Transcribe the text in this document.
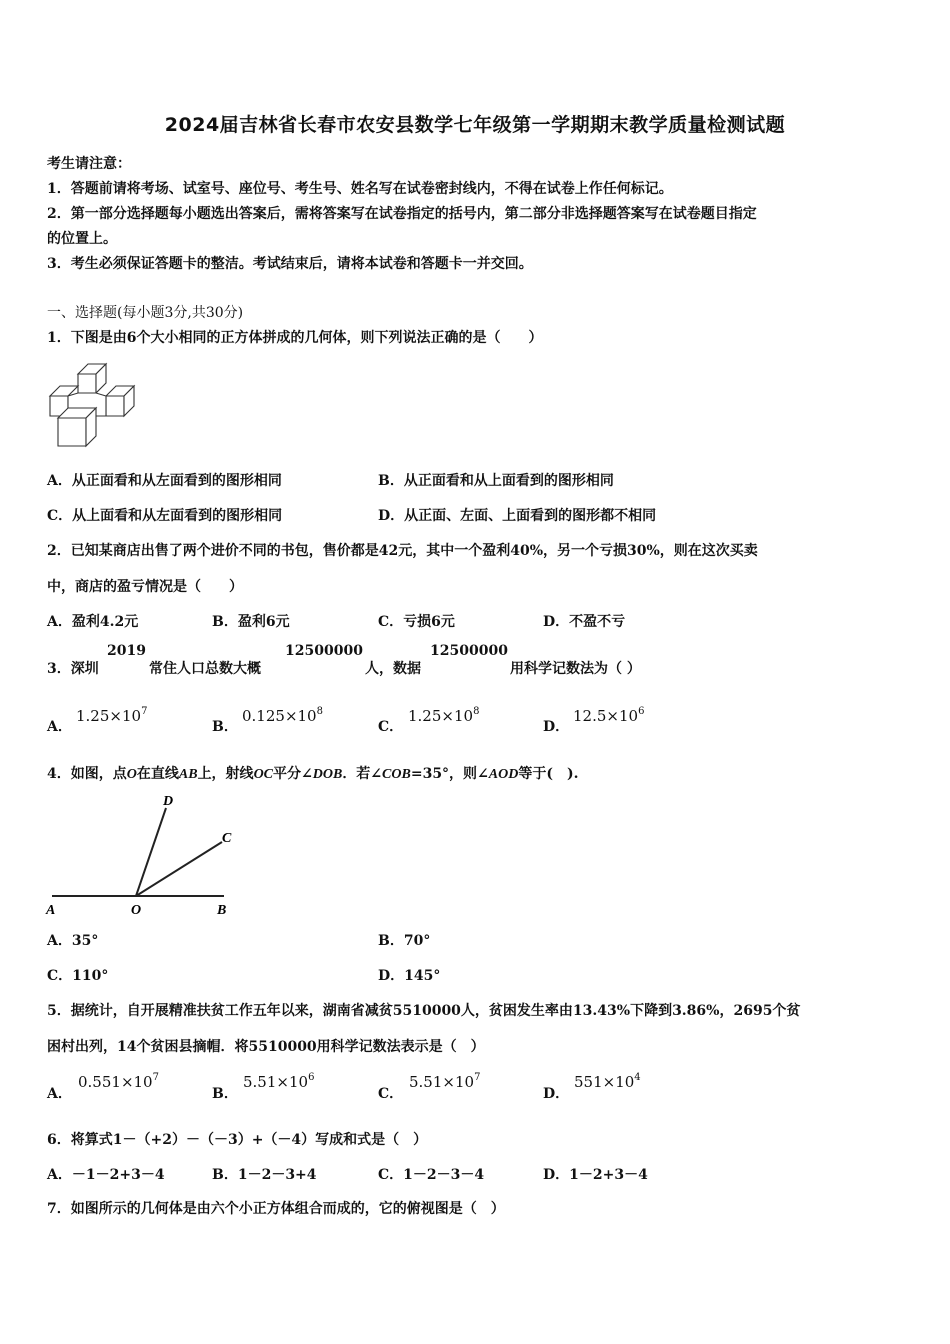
2024届吉林省长春市农安县数学七年级第一学期期末教学质量检测试题
考生请注意：
1．答题前请将考场、试室号、座位号、考生号、姓名写在试卷密封线内，不得在试卷上作任何标记。
2．第一部分选择题每小题选出答案后，需将答案写在试卷指定的括号内，第二部分非选择题答案写在试卷题目指定
的位置上。
3．考生必须保证答题卡的整洁。考试结束后，请将本试卷和答题卡一并交回。
一、选择题(每小题3分,共30分)
1．下图是由6个大小相同的正方体拼成的几何体，则下列说法正确的是（　　）
A．从正面看和从左面看到的图形相同	B．从正面看和从上面看到的图形相同
C．从上面看和从左面看到的图形相同	D．从正面、左面、上面看到的图形都不相同
2．已知某商店出售了两个进价不同的书包，售价都是42元，其中一个盈利40%，另一个亏损30%，则在这次买卖
中，商店的盈亏情况是（　　）
A．盈利4.2元	B．盈利6元	C．亏损6元	D．不盈不亏
3．深圳
2019
常住人口总数大概
12500000
人，数据
12500000
用科学记数法为（ ）
A．
$1.25\times 10^7$
B．
$0.125\times 10^8$
C．
$1.25\times 10^8$
D．
$12.5\times 10^6$
4．如图，点O在直线AB上，射线OC平分∠DOB．若∠COB=35°，则∠AOD等于(　).
D
C
A	O	B
A．35°	B．70°
C．110°	D．145°
5．据统计，自开展精准扶贫工作五年以来，湖南省减贫5510000人，贫困发生率由13.43%下降到3.86%，2695个贫
困村出列，14个贫困县摘帽．将5510000用科学记数法表示是（　）
A．
$0.551\times 10^7$
B．
$5.51\times 10^6$
C．
$5.51\times 10^7$
D．
$551\times 10^4$
6．将算式1－（+2）－（－3）+（－4）写成和式是（　）
A．－1－2+3－4	B．1－2－3+4	C．1－2－3－4	D．1－2+3－4
7．如图所示的几何体是由六个小正方体组合而成的，它的俯视图是（　）
